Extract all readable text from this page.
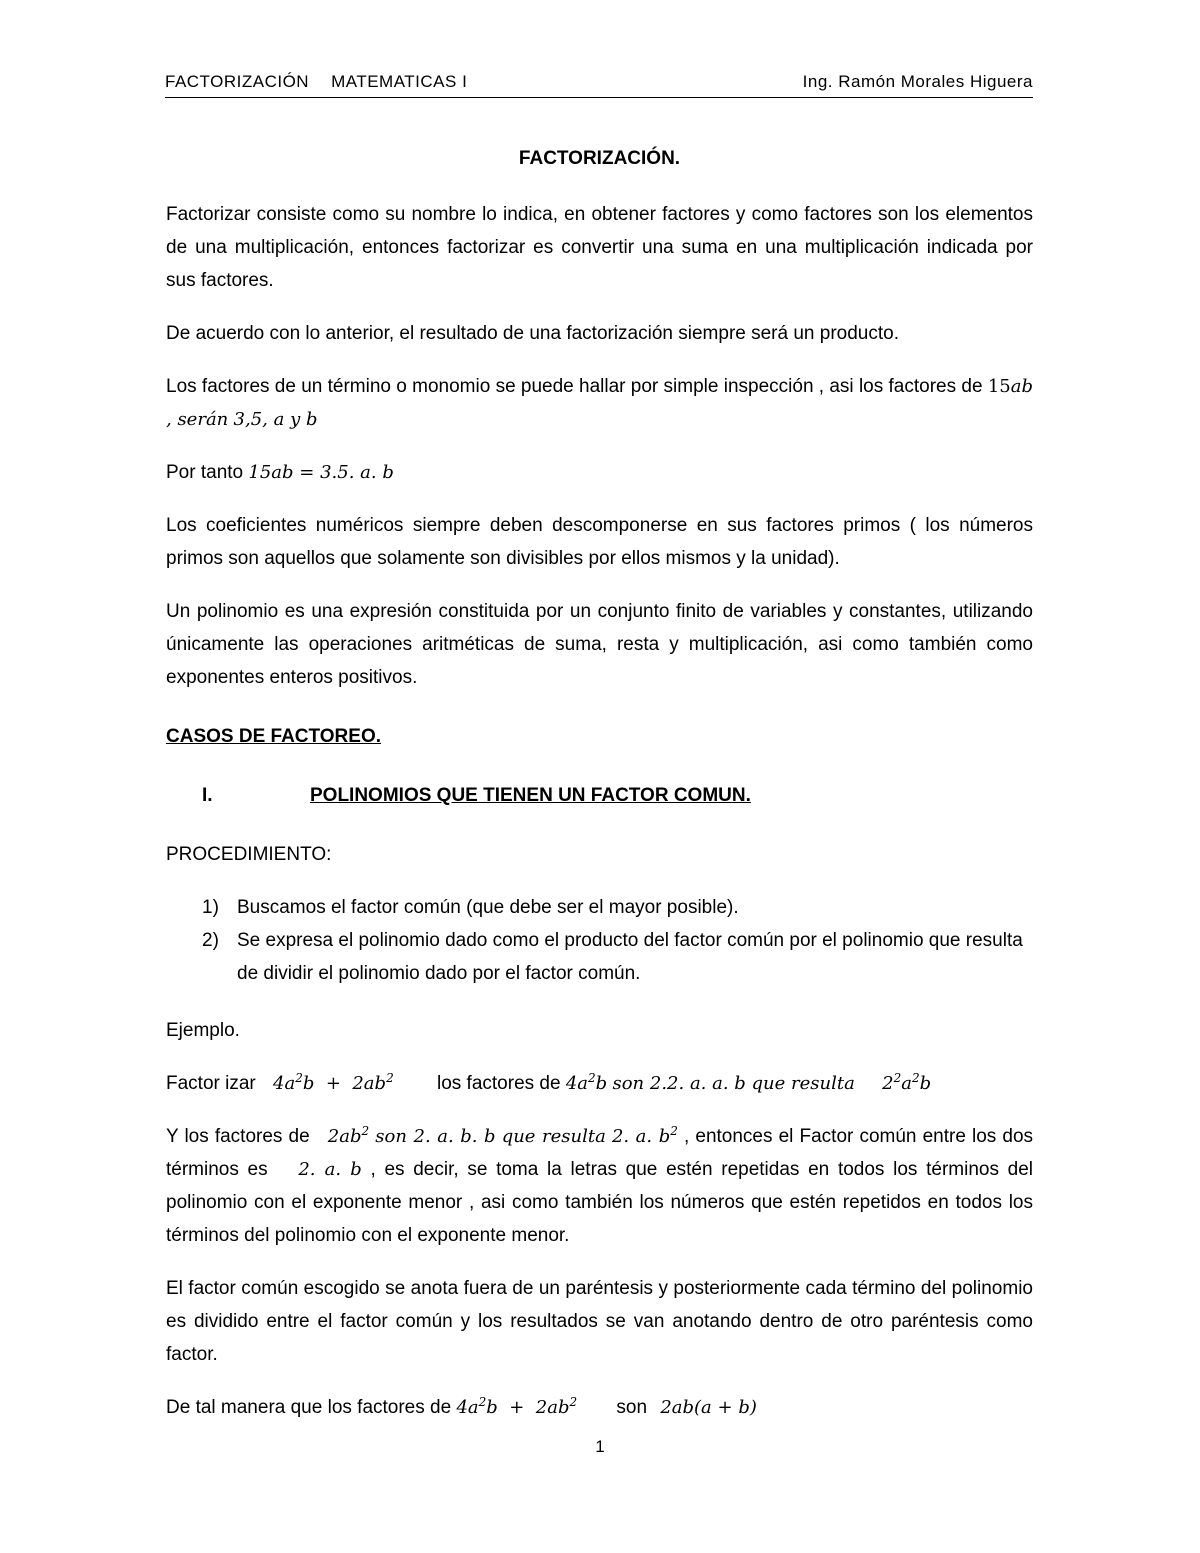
FACTORIZACIÓN MATEMATICAS I	Ing. Ramón Morales Higuera
FACTORIZACIÓN.

Factorizar consiste como su nombre lo indica, en obtener factores y como factores son los elementos de una multiplicación, entonces factorizar es convertir una suma en una multiplicación indicada por sus factores.

De acuerdo con lo anterior, el resultado de una factorización siempre será un producto.

Los factores de un término o monomio se puede hallar por simple inspección , asi los factores de 15ab , serán 3,5, a y b

Por tanto 15ab = 3.5. a. b

Los coeficientes numéricos siempre deben descomponerse en sus factores primos ( los números primos son aquellos que solamente son divisibles por ellos mismos y la unidad).

Un polinomio es una expresión constituida por un conjunto finito de variables y constantes, utilizando únicamente las operaciones aritméticas de suma, resta y multiplicación, asi como también como exponentes enteros positivos.

CASOS DE FACTOREO.
I.	POLINOMIOS QUE TIENEN UN FACTOR COMUN.
PROCEDIMIENTO:
1) Buscamos el factor común (que debe ser el mayor posible).
2) Se expresa el polinomio dado como el producto del factor común por el polinomio que resulta de dividir el polinomio dado por el factor común.

Ejemplo.

Factor izar $4a^2b + 2ab^2$ los factores de $4a^2b$ son 2.2. a. a. b que resulta $2^2a^2b$

Y los factores de $2ab^2$ son 2. a. b. b que resulta 2. a. $b^2$ , entonces el Factor común entre los dos términos es 2. a. b , es decir, se toma la letras que estén repetidas en todos los términos del polinomio con el exponente menor , asi como también los números que estén repetidos en todos los términos del polinomio con el exponente menor.

El factor común escogido se anota fuera de un paréntesis y posteriormente cada término del polinomio es dividido entre el factor común y los resultados se van anotando dentro de otro paréntesis como factor.

De tal manera que los factores de $4a^2b + 2ab^2$ son 2ab(a + b)

1
